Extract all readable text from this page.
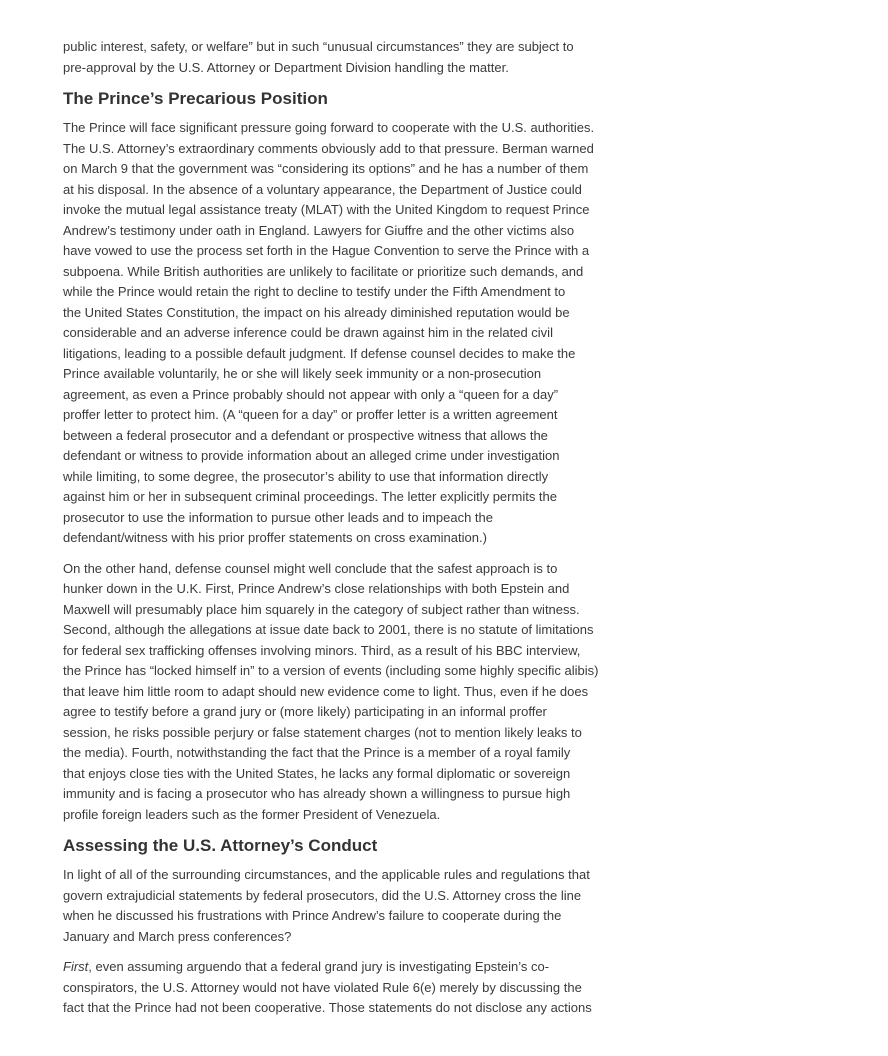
public interest, safety, or welfare” but in such “unusual circumstances” they are subject to
pre-approval by the U.S. Attorney or Department Division handling the matter.

The Prince’s Precarious Position

The Prince will face significant pressure going forward to cooperate with the U.S. authorities.
The U.S. Attorney’s extraordinary comments obviously add to that pressure. Berman warned
on March 9 that the government was “considering its options” and he has a number of them
at his disposal. In the absence of a voluntary appearance, the Department of Justice could
invoke the mutual legal assistance treaty (MLAT) with the United Kingdom to request Prince
Andrew’s testimony under oath in England. Lawyers for Giuffre and the other victims also
have vowed to use the process set forth in the Hague Convention to serve the Prince with a
subpoena. While British authorities are unlikely to facilitate or prioritize such demands, and
while the Prince would retain the right to decline to testify under the Fifth Amendment to
the United States Constitution, the impact on his already diminished reputation would be
considerable and an adverse inference could be drawn against him in the related civil
litigations, leading to a possible default judgment. If defense counsel decides to make the
Prince available voluntarily, he or she will likely seek immunity or a non-prosecution
agreement, as even a Prince probably should not appear with only a “queen for a day”
proffer letter to protect him. (A “queen for a day” or proffer letter is a written agreement
between a federal prosecutor and a defendant or prospective witness that allows the
defendant or witness to provide information about an alleged crime under investigation
while limiting, to some degree, the prosecutor’s ability to use that information directly
against him or her in subsequent criminal proceedings. The letter explicitly permits the
prosecutor to use the information to pursue other leads and to impeach the
defendant/witness with his prior proffer statements on cross examination.)

On the other hand, defense counsel might well conclude that the safest approach is to
hunker down in the U.K. First, Prince Andrew’s close relationships with both Epstein and
Maxwell will presumably place him squarely in the category of subject rather than witness.
Second, although the allegations at issue date back to 2001, there is no statute of limitations
for federal sex trafficking offenses involving minors. Third, as a result of his BBC interview,
the Prince has “locked himself in” to a version of events (including some highly specific alibis)
that leave him little room to adapt should new evidence come to light. Thus, even if he does
agree to testify before a grand jury or (more likely) participating in an informal proffer
session, he risks possible perjury or false statement charges (not to mention likely leaks to
the media). Fourth, notwithstanding the fact that the Prince is a member of a royal family
that enjoys close ties with the United States, he lacks any formal diplomatic or sovereign
immunity and is facing a prosecutor who has already shown a willingness to pursue high
profile foreign leaders such as the former President of Venezuela.

Assessing the U.S. Attorney’s Conduct

In light of all of the surrounding circumstances, and the applicable rules and regulations that
govern extrajudicial statements by federal prosecutors, did the U.S. Attorney cross the line
when he discussed his frustrations with Prince Andrew’s failure to cooperate during the
January and March press conferences?

First, even assuming arguendo that a federal grand jury is investigating Epstein’s co-
conspirators, the U.S. Attorney would not have violated Rule 6(e) merely by discussing the
fact that the Prince had not been cooperative. Those statements do not disclose any actions
